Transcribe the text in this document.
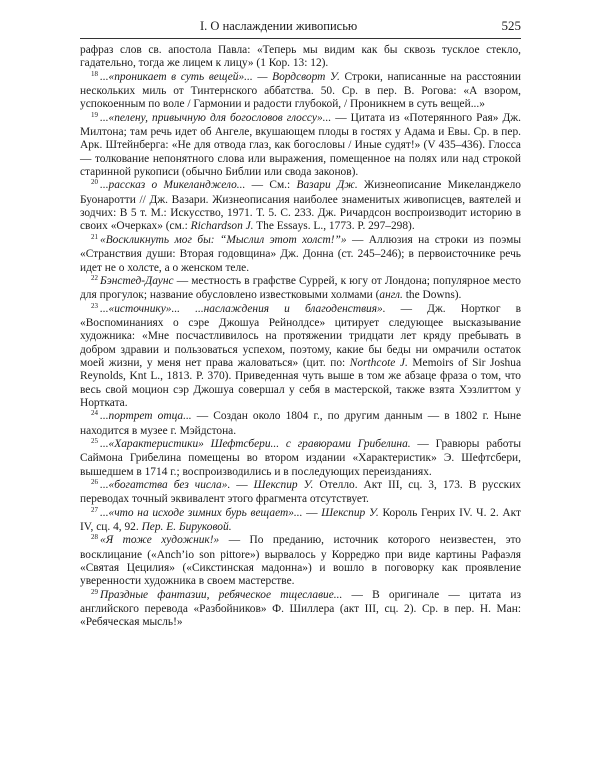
I. О наслаждении живописью	525

рафраз слов св. апостола Павла: «Теперь мы видим как бы сквозь тусклое стекло, гадательно, тогда же лицем к лицу» (1 Кор. 13: 12).

$^{18}$ ...«проникает в суть вещей»... — Вордсворт У. Строки, написанные на расстоянии нескольких миль от Тинтернского аббатства. 50. Ср. в пер. В. Рогова: «А взором, успокоенным по воле / Гармонии и радости глубокой, / Проникнем в суть вещей...»

$^{19}$ ...«пелену, привычную для богословов глоссу»... — Цитата из «Потерянного Рая» Дж. Милтона; там речь идет об Ангеле, вкушающем плоды в гостях у Адама и Евы. Ср. в пер. Арк. Штейнберга: «Не для отвода глаз, как богословы / Иные судят!» (V 435–436). Глосса — толкование непонятного слова или выражения, помещенное на полях или над строкой старинной рукописи (обычно Библии или свода законов).

$^{20}$ ...рассказ о Микеланджело... — См.: Вазари Дж. Жизнеописание Микеланджело Буонаротти // Дж. Вазари. Жизнеописания наиболее знаменитых живописцев, ваятелей и зодчих: В 5 т. М.: Искусство, 1971. Т. 5. С. 233. Дж. Ричардсон воспроизводит историю в своих «Очерках» (см.: Richardson J. The Essays. L., 1773. P. 297–298).

$^{21}$ «Воскликнуть мог бы: “Мыслил этот холст!”» — Аллюзия на строки из поэмы «Странствия души: Вторая годовщина» Дж. Донна (ст. 245–246); в первоисточнике речь идет не о холсте, а о женском теле.

$^{22}$ Бэнстед-Даунс — местность в графстве Суррей, к югу от Лондона; популярное место для прогулок; название обусловлено известковыми холмами (англ. the Downs).

$^{23}$ ...«источнику»... ...наслаждения и благоденствия». — Дж. Нортког в «Воспоминаниях о сэре Джошуа Рейнолдсе» цитирует следующее высказывание художника: «Мне посчастливилось на протяжении тридцати лет кряду пребывать в добром здравии и пользоваться успехом, поэтому, какие бы беды ни омрачили остаток моей жизни, у меня нет права жаловаться» (цит. по: Northcote J. Memoirs of Sir Joshua Reynolds, Knt L., 1813. P. 370). Приведенная чуть выше в том же абзаце фраза о том, что весь свой моцион сэр Джошуа совершал у себя в мастерской, также взята Хэзлиттом у Нортката.

$^{24}$ ...портрет отца... — Создан около 1804 г., по другим данным — в 1802 г. Ныне находится в музее г. Мэйдстона.

$^{25}$ ...«Характеристики» Шефтсбери... с гравюрами Грибелина. — Гравюры работы Саймона Грибелина помещены во втором издании «Характеристик» Э. Шефтсбери, вышедшем в 1714 г.; воспроизводились и в последующих переизданиях.

$^{26}$ ...«богатства без числа». — Шекспир У. Отелло. Акт III, сц. 3, 173. В русских переводах точный эквивалент этого фрагмента отсутствует.

$^{27}$ ...«что на исходе зимних бурь вещает»... — Шекспир У. Король Генрих IV. Ч. 2. Акт IV, сц. 4, 92. Пер. Е. Бируковой.

$^{28}$ «Я тоже художник!» — По преданию, источник которого неизвестен, это восклицание («Anch’io son pittore») вырвалось у Корреджо при виде картины Рафаэля «Святая Цецилия» («Сикстинская мадонна») и вошло в поговорку как проявление уверенности художника в своем мастерстве.

$^{29}$ Праздные фантазии, ребяческое тщеславие... — В оригинале — цитата из английского перевода «Разбойников» Ф. Шиллера (акт III, сц. 2). Ср. в пер. Н. Ман: «Ребяческая мысль!»
